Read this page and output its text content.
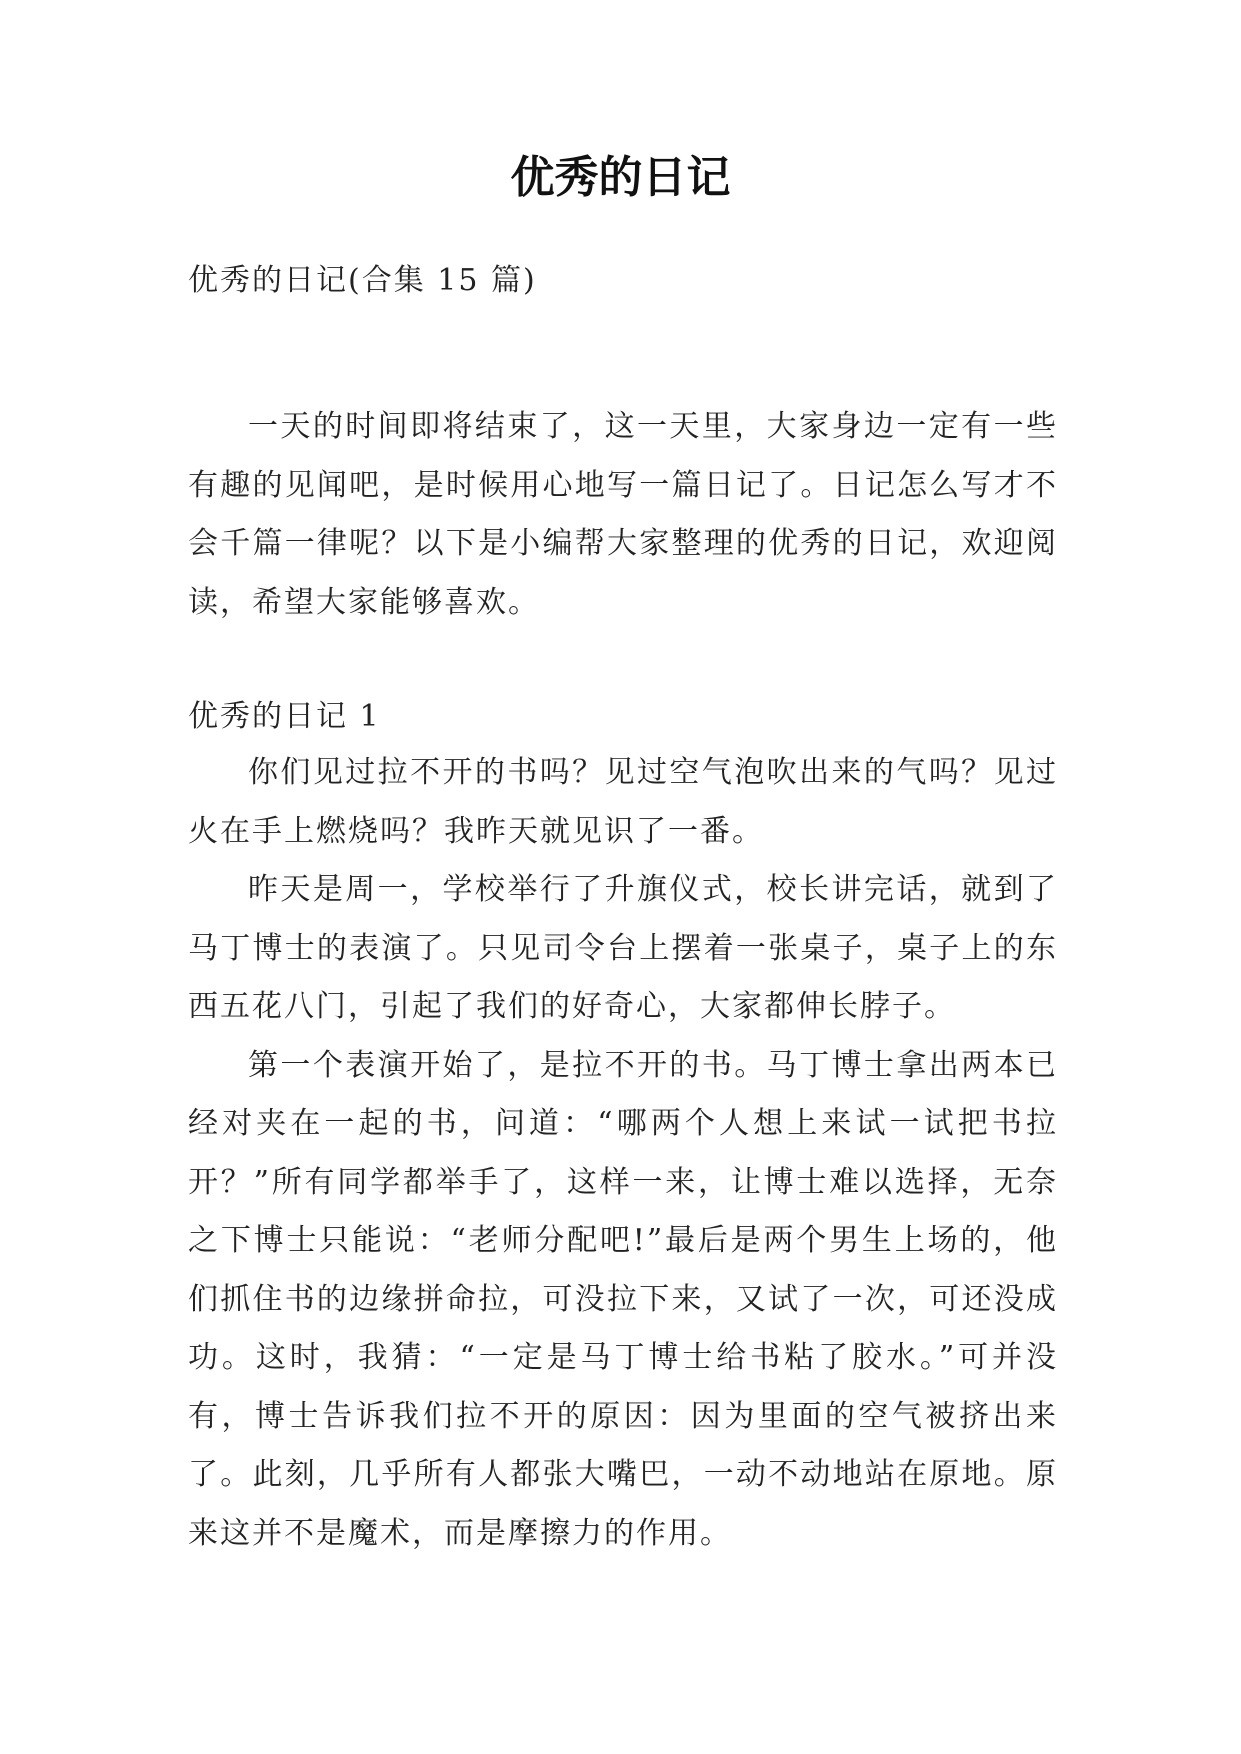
优秀的日记
优秀的日记(合集 15 篇)

一天的时间即将结束了，这一天里，大家身边一定有一些有趣的见闻吧，是时候用心地写一篇日记了。日记怎么写才不会千篇一律呢？以下是小编帮大家整理的优秀的日记，欢迎阅读，希望大家能够喜欢。

优秀的日记 1

你们见过拉不开的书吗？见过空气泡吹出来的气吗？见过火在手上燃烧吗？我昨天就见识了一番。

昨天是周一，学校举行了升旗仪式，校长讲完话，就到了马丁博士的表演了。只见司令台上摆着一张桌子，桌子上的东西五花八门，引起了我们的好奇心，大家都伸长脖子。

第一个表演开始了，是拉不开的书。马丁博士拿出两本已经对夹在一起的书，问道：“哪两个人想上来试一试把书拉开？”所有同学都举手了，这样一来，让博士难以选择，无奈之下博士只能说：“老师分配吧!”最后是两个男生上场的，他们抓住书的边缘拼命拉，可没拉下来，又试了一次，可还没成功。这时，我猜：“一定是马丁博士给书粘了胶水。”可并没有，博士告诉我们拉不开的原因：因为里面的空气被挤出来了。此刻，几乎所有人都张大嘴巴，一动不动地站在原地。原来这并不是魔术，而是摩擦力的作用。
